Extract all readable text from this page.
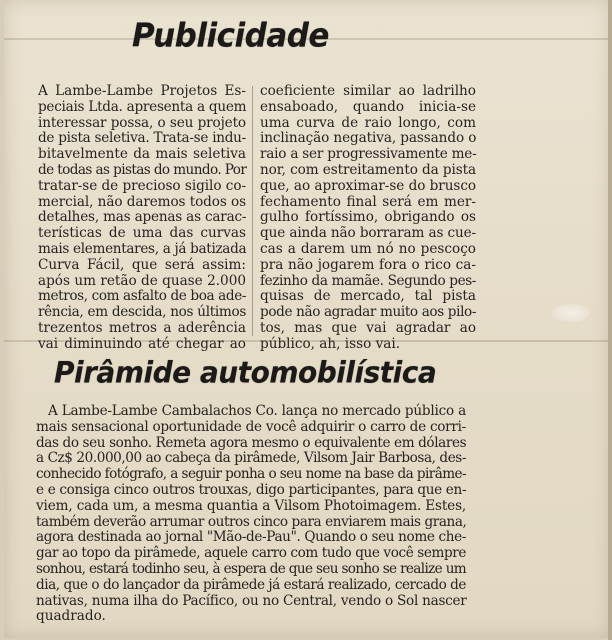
Publicidade

A Lambe-Lambe Projetos Es-
peciais Ltda. apresenta a quem
interessar possa, o seu projeto
de pista seletiva. Trata-se indu-
bitavelmente da mais seletiva
de todas as pistas do mundo. Por
tratar-se de precioso sigilo co-
mercial, não daremos todos os
detalhes, mas apenas as carac-
terísticas de uma das curvas
mais elementares, a já batizada
Curva Fácil, que será assim:
após um retão de quase 2.000
metros, com asfalto de boa ade-
rência, em descida, nos últimos
trezentos metros a aderência
vai diminuindo até chegar ao

coeficiente similar ao ladrilho
ensaboado, quando inicia-se
uma curva de raio longo, com
inclinação negativa, passando o
raio a ser progressivamente me-
nor, com estreitamento da pista
que, ao aproximar-se do brusco
fechamento final será em mer-
gulho fortíssimo, obrigando os
que ainda não borraram as cue-
cas a darem um nó no pescoço
pra não jogarem fora o rico ca-
fezinho da mamãe. Segundo pes-
quisas de mercado, tal pista
pode não agradar muito aos pilo-
tos, mas que vai agradar ao
público, ah, isso vai.

Pirâmide automobilística

A Lambe-Lambe Cambalachos Co. lança no mercado público a
mais sensacional oportunidade de você adquirir o carro de corri-
das do seu sonho. Remeta agora mesmo o equivalente em dólares
a Cz$ 20.000,00 ao cabeça da pirâmede, Vilsom Jair Barbosa, des-
conhecido fotógrafo, a seguir ponha o seu nome na base da pirâme-
e e consiga cinco outros trouxas, digo participantes, para que en-
viem, cada um, a mesma quantia a Vilsom Photoimagem. Estes,
também deverão arrumar outros cinco para enviarem mais grana,
agora destinada ao jornal "Mão-de-Pau". Quando o seu nome che-
gar ao topo da pirâmede, aquele carro com tudo que você sempre
sonhou, estará todinho seu, à espera de que seu sonho se realize um
dia, que o do lançador da pirâmede já estará realizado, cercado de
nativas, numa ilha do Pacífico, ou no Central, vendo o Sol nascer
quadrado.
